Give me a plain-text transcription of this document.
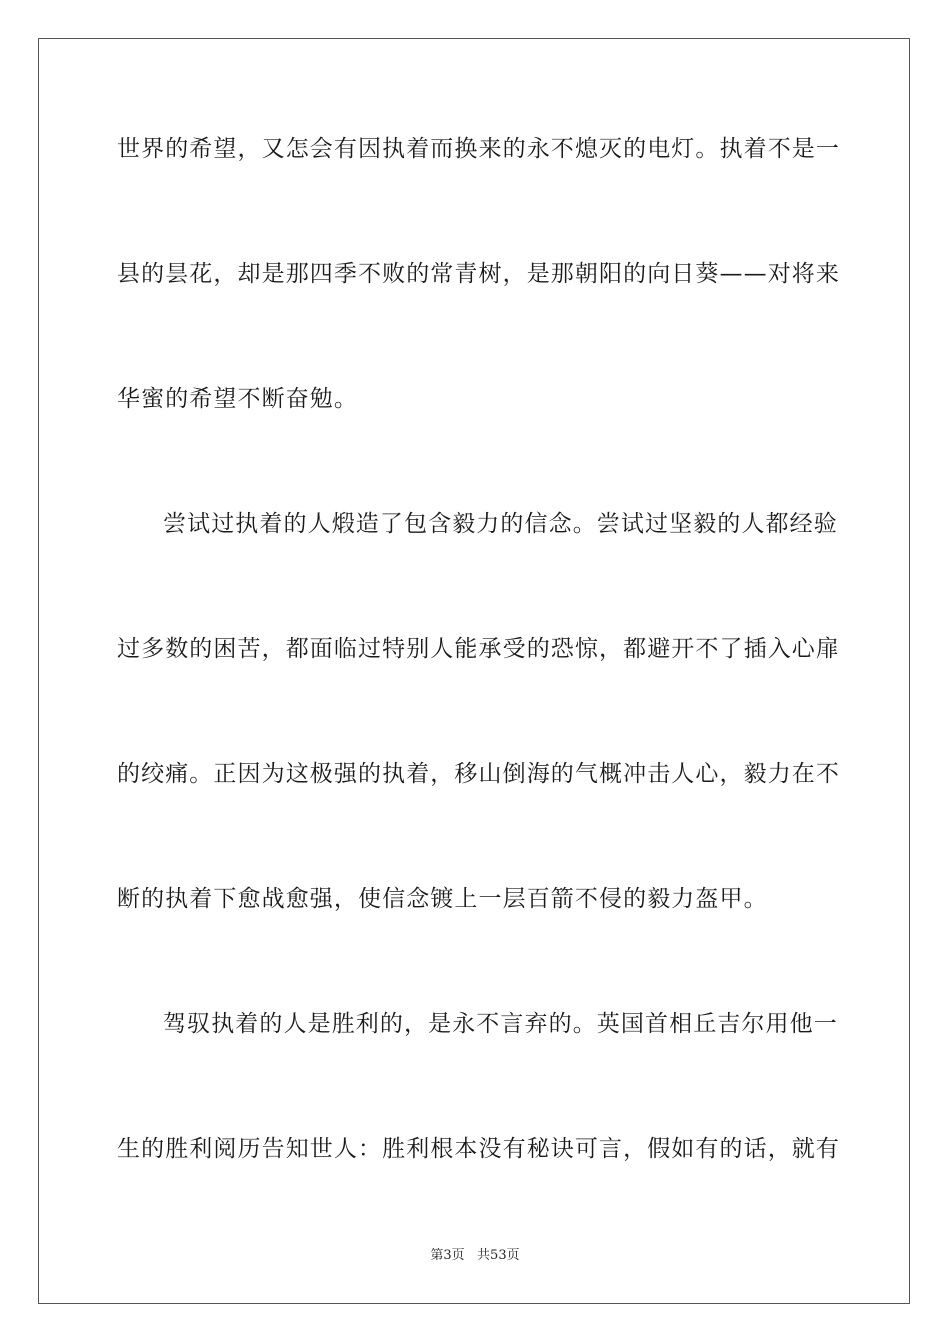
世界的希望，又怎会有因执着而换来的永不熄灭的电灯。执着不是一
县的昙花，却是那四季不败的常青树，是那朝阳的向日葵——对将来
华蜜的希望不断奋勉。
尝试过执着的人煅造了包含毅力的信念。尝试过坚毅的人都经验
过多数的困苦，都面临过特别人能承受的恐惊，都避开不了插入心扉
的绞痛。正因为这极强的执着，移山倒海的气概冲击人心，毅力在不
断的执着下愈战愈强，使信念镀上一层百箭不侵的毅力盔甲。
驾驭执着的人是胜利的，是永不言弃的。英国首相丘吉尔用他一
生的胜利阅历告知世人：胜利根本没有秘诀可言，假如有的话，就有
第3页   共53页
